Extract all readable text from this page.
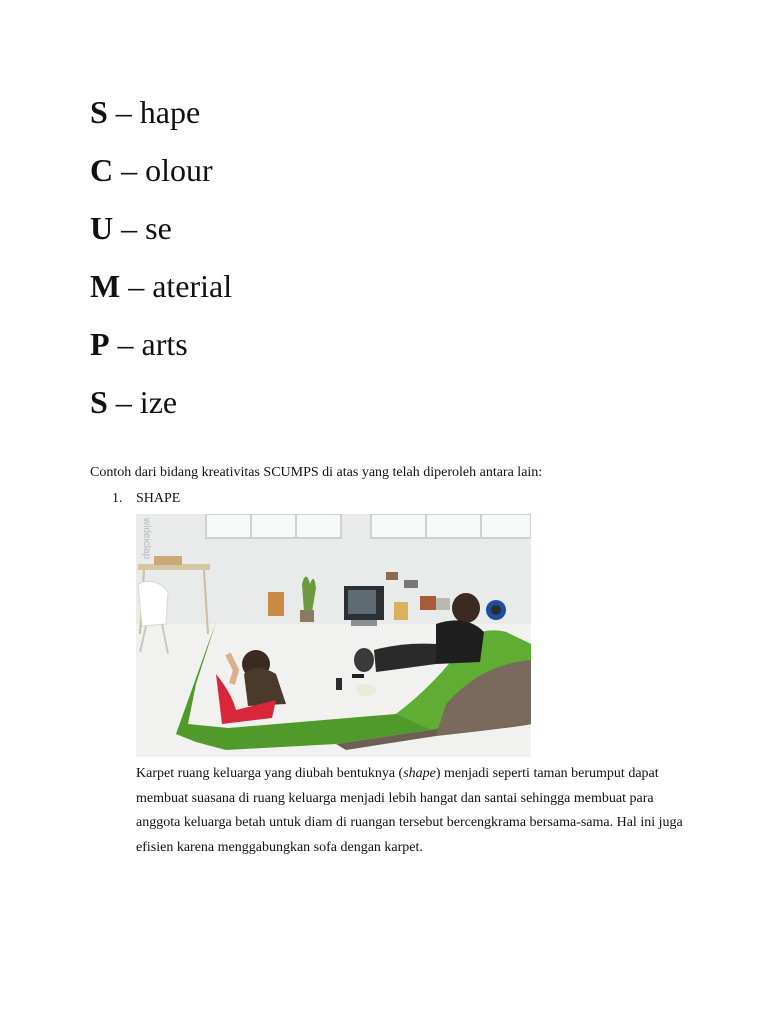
S – hape

C – olour

U – se

M – aterial

P – arts

S – ize

Contoh dari bidang kreativitas SCUMPS di atas yang telah diperoleh antara lain:

1. SHAPE
wideiclap

Karpet ruang keluarga yang diubah bentuknya (shape) menjadi seperti taman berumput dapat membuat suasana di ruang keluarga menjadi lebih hangat dan santai sehingga membuat para anggota keluarga betah untuk diam di ruangan tersebut bercengkrama bersama-sama. Hal ini juga efisien karena menggabungkan sofa dengan karpet.
